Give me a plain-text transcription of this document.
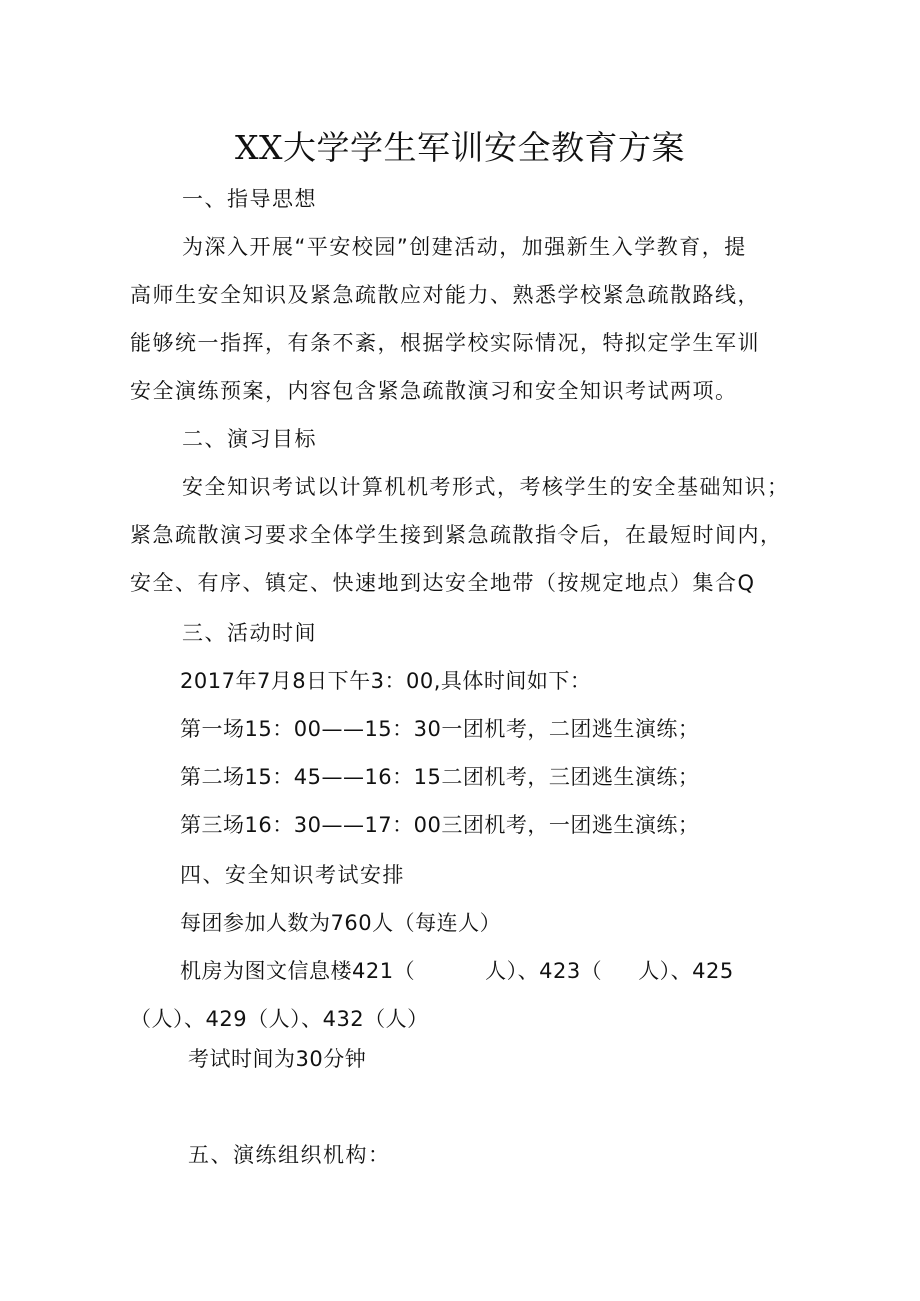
XX大学学生军训安全教育方案
一、指导思想
为深入开展“平安校园”创建活动，加强新生入学教育，提
高师生安全知识及紧急疏散应对能力、熟悉学校紧急疏散路线，
能够统一指挥，有条不紊，根据学校实际情况，特拟定学生军训
安全演练预案，内容包含紧急疏散演习和安全知识考试两项。
二、演习目标
安全知识考试以计算机机考形式，考核学生的安全基础知识；
紧急疏散演习要求全体学生接到紧急疏散指令后，在最短时间内，
安全、有序、镇定、快速地到达安全地带（按规定地点）集合Q
三、活动时间
2017年7月8日下午3：00,具体时间如下：
第一场15：00——15：30一团机考，二团逃生演练；
第二场15：45——16：15二团机考，三团逃生演练；
第三场16：30——17：00三团机考，一团逃生演练；
四、安全知识考试安排
每团参加人数为760人（每连人）
机房为图文信息楼421（	人）、423（ 人）、425
（人）、429（人）、432（人）
考试时间为30分钟
五、演练组织机构：
